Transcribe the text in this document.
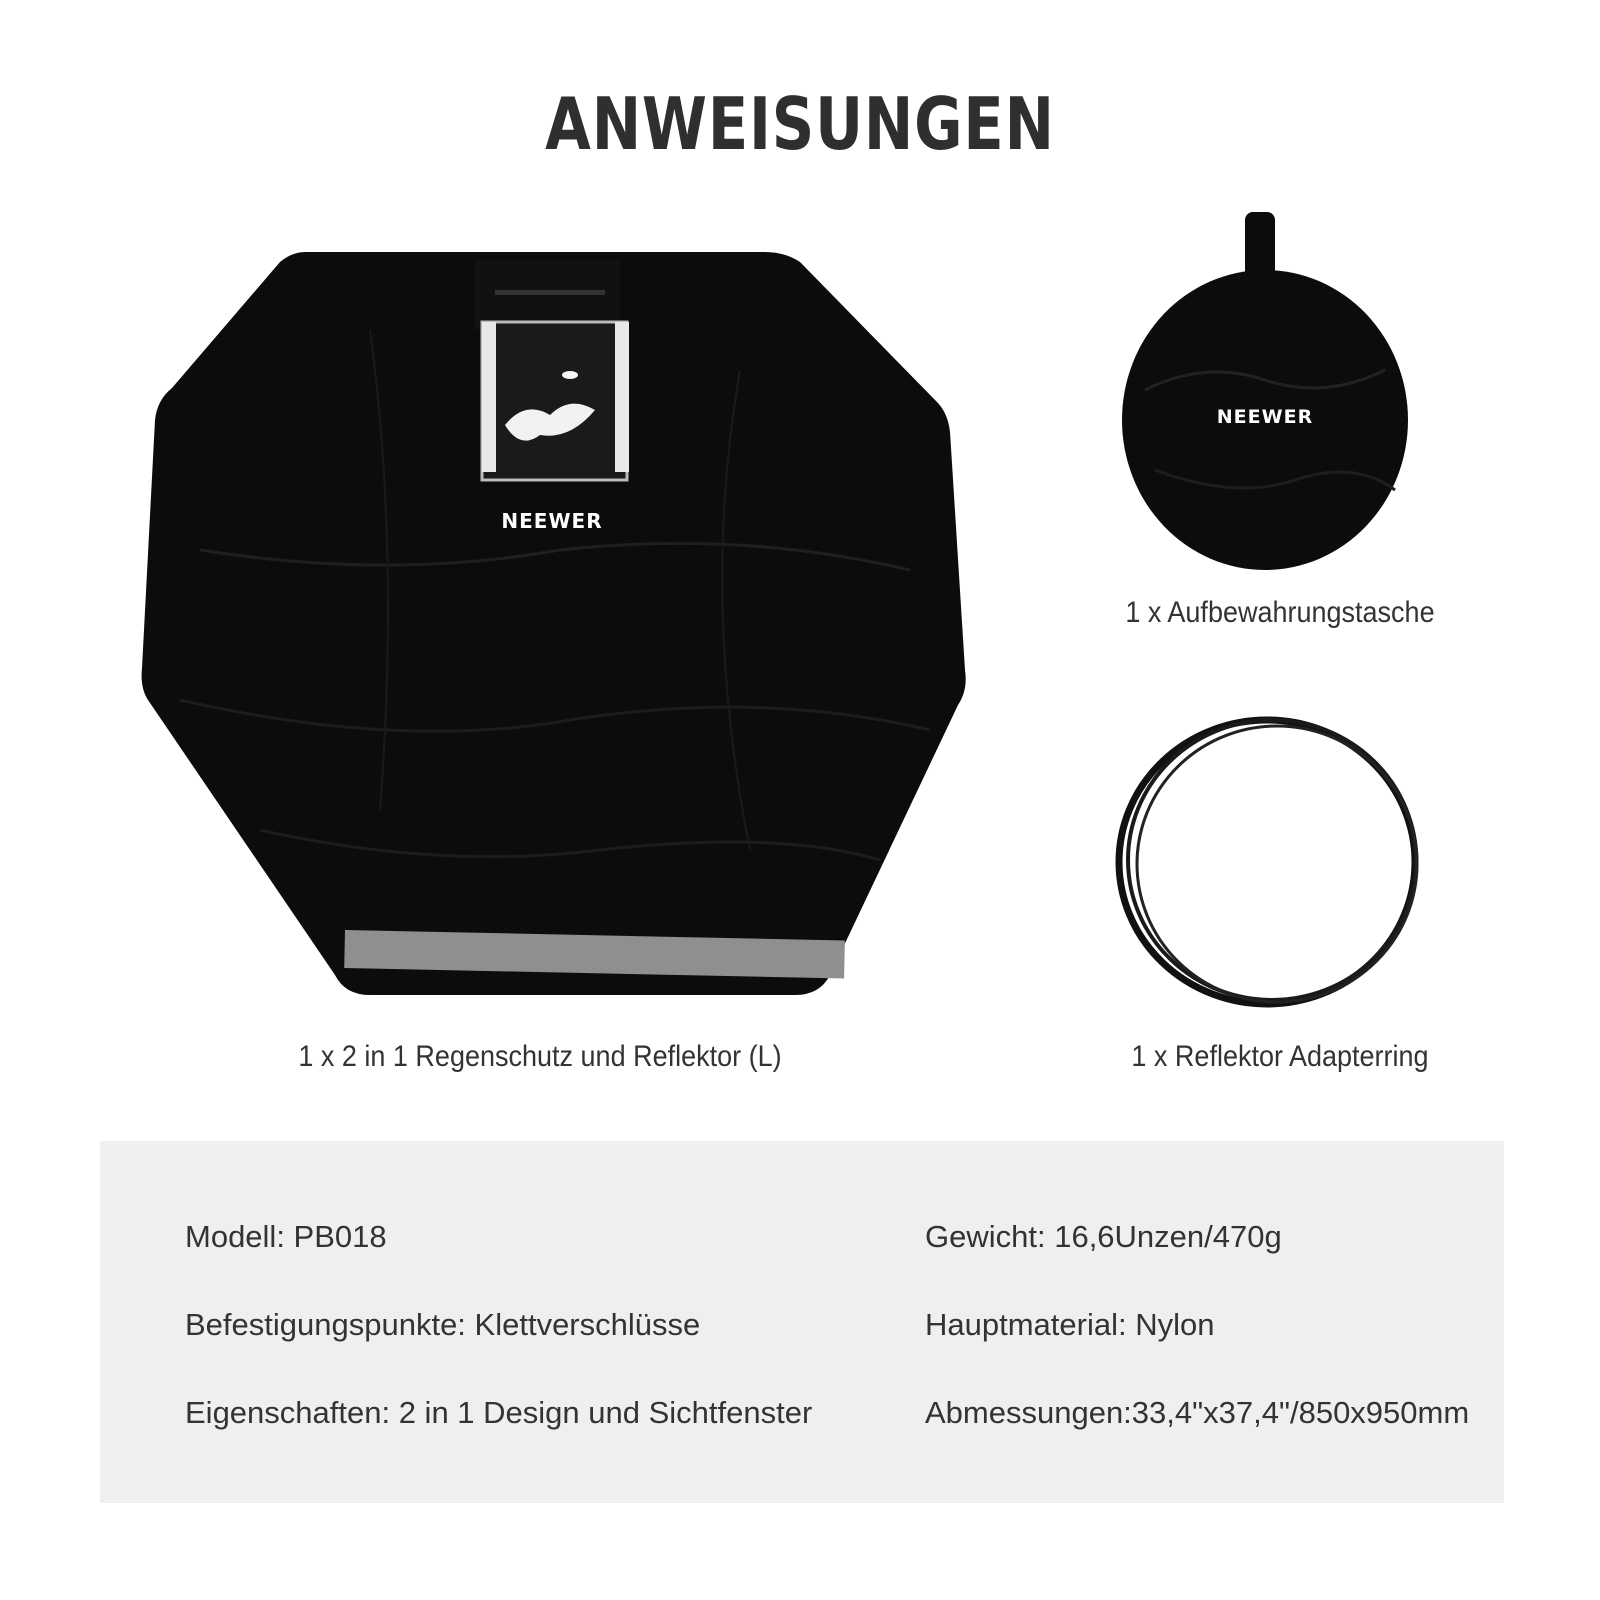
ANWEISUNGEN
NEEWER
1 x 2 in 1 Regenschutz und Reflektor (L)
NEEWER
1 x Aufbewahrungstasche
1 x Reflektor Adapterring
Modell: PB018
Befestigungspunkte: Klettverschlüsse
Eigenschaften: 2 in 1 Design und Sichtfenster
Gewicht: 16,6Unzen/470g
Hauptmaterial: Nylon
Abmessungen:33,4"x37,4"/850x950mm
